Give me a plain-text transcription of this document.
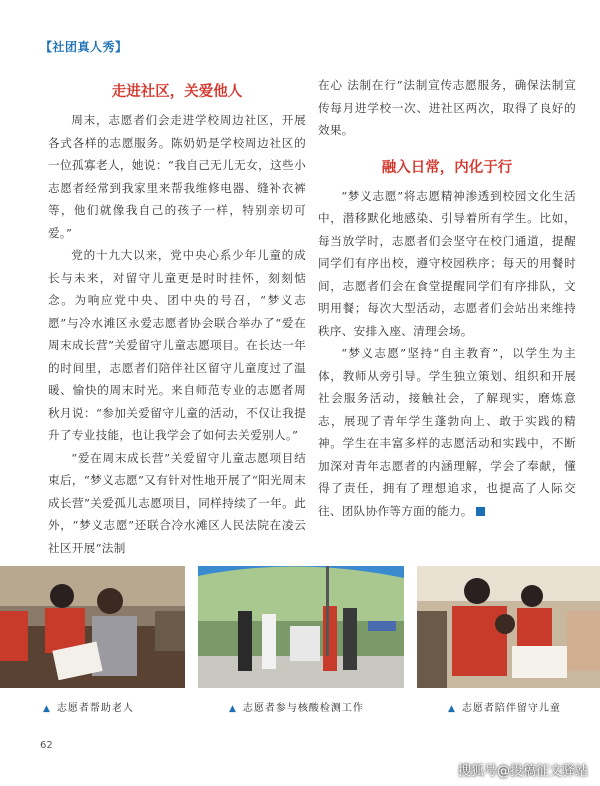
【社团真人秀】
走进社区，关爱他人

周末，志愿者们会走进学校周边社区，开展各式各样的志愿服务。陈奶奶是学校周边社区的一位孤寡老人，她说：“我自己无儿无女，这些小志愿者经常到我家里来帮我维修电器、缝补衣裤等，他们就像我自己的孩子一样，特别亲切可爱。”

党的十九大以来，党中央心系少年儿童的成长与未来，对留守儿童更是时时挂怀，刻刻惦念。为响应党中央、团中央的号召，“梦义志愿”与冷水滩区永爱志愿者协会联合举办了“爱在周末成长营”关爱留守儿童志愿项目。在长达一年的时间里，志愿者们陪伴社区留守儿童度过了温暖、愉快的周末时光。来自师范专业的志愿者周秋月说：“参加关爱留守儿童的活动，不仅让我提升了专业技能，也让我学会了如何去关爱别人。”

“爱在周末成长营”关爱留守儿童志愿项目结束后，“梦义志愿”又有针对性地开展了“阳光周末成长营”关爱孤儿志愿项目，同样持续了一年。此外，“梦义志愿”还联合冷水滩区人民法院在凌云社区开展“法制

在心 法制在行”法制宣传志愿服务，确保法制宣传每月进学校一次、进社区两次，取得了良好的效果。

融入日常，内化于行

“梦义志愿”将志愿精神渗透到校园文化生活中，潜移默化地感染、引导着所有学生。比如，每当放学时，志愿者们会坚守在校门通道，提醒同学们有序出校，遵守校园秩序；每天的用餐时间，志愿者们会在食堂提醒同学们有序排队，文明用餐；每次大型活动，志愿者们会站出来维持秩序、安排入座、清理会场。

“梦义志愿”坚持“自主教育”，以学生为主体，教师从旁引导。学生独立策划、组织和开展社会服务活动，接触社会，了解现实，磨炼意志，展现了青年学生蓬勃向上、敢于实践的精神。学生在丰富多样的志愿活动和实践中，不断加深对青年志愿者的内涵理解，学会了奉献，懂得了责任，拥有了理想追求，也提高了人际交往、团队协作等方面的能力。

▲ 志愿者帮助老人	▲ 志愿者参与核酸检测工作	▲ 志愿者陪伴留守儿童
62
搜狐号@投稿征文驿站
